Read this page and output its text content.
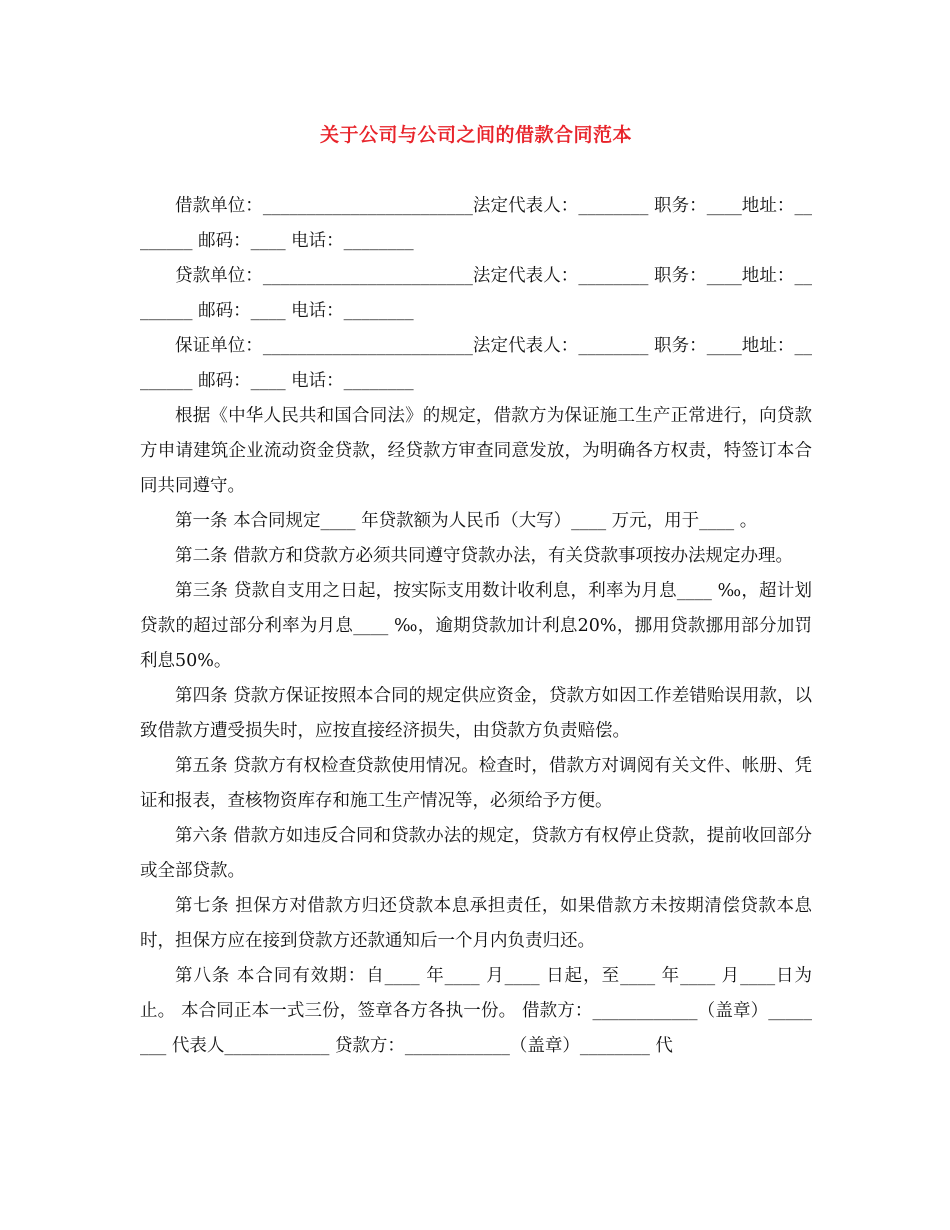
关于公司与公司之间的借款合同范本

借款单位：________________________法定代表人：________ 职务：____地址：________ 邮码：____ 电话：________

贷款单位：________________________法定代表人：________ 职务：____地址：________ 邮码：____ 电话：________

保证单位：________________________法定代表人：________ 职务：____地址：________ 邮码：____ 电话：________

根据《中华人民共和国合同法》的规定，借款方为保证施工生产正常进行，向贷款方申请建筑企业流动资金贷款，经贷款方审查同意发放，为明确各方权责，特签订本合同共同遵守。

第一条 本合同规定____ 年贷款额为人民币（大写）____ 万元，用于____ 。

第二条 借款方和贷款方必须共同遵守贷款办法，有关贷款事项按办法规定办理。

第三条 贷款自支用之日起，按实际支用数计收利息，利率为月息____ ‰，超计划贷款的超过部分利率为月息____ ‰，逾期贷款加计利息20%，挪用贷款挪用部分加罚利息50%。

第四条 贷款方保证按照本合同的规定供应资金，贷款方如因工作差错贻误用款，以致借款方遭受损失时，应按直接经济损失，由贷款方负责赔偿。

第五条 贷款方有权检查贷款使用情况。检查时，借款方对调阅有关文件、帐册、凭证和报表，查核物资库存和施工生产情况等，必须给予方便。

第六条 借款方如违反合同和贷款办法的规定，贷款方有权停止贷款，提前收回部分或全部贷款。

第七条 担保方对借款方归还贷款本息承担责任，如果借款方未按期清偿贷款本息时，担保方应在接到贷款方还款通知后一个月内负责归还。

第八条 本合同有效期：自____ 年____ 月____ 日起，至____ 年____ 月____日为止。 本合同正本一式三份，签章各方各执一份。 借款方：____________（盖章）________ 代表人____________ 贷款方：____________（盖章）________ 代
